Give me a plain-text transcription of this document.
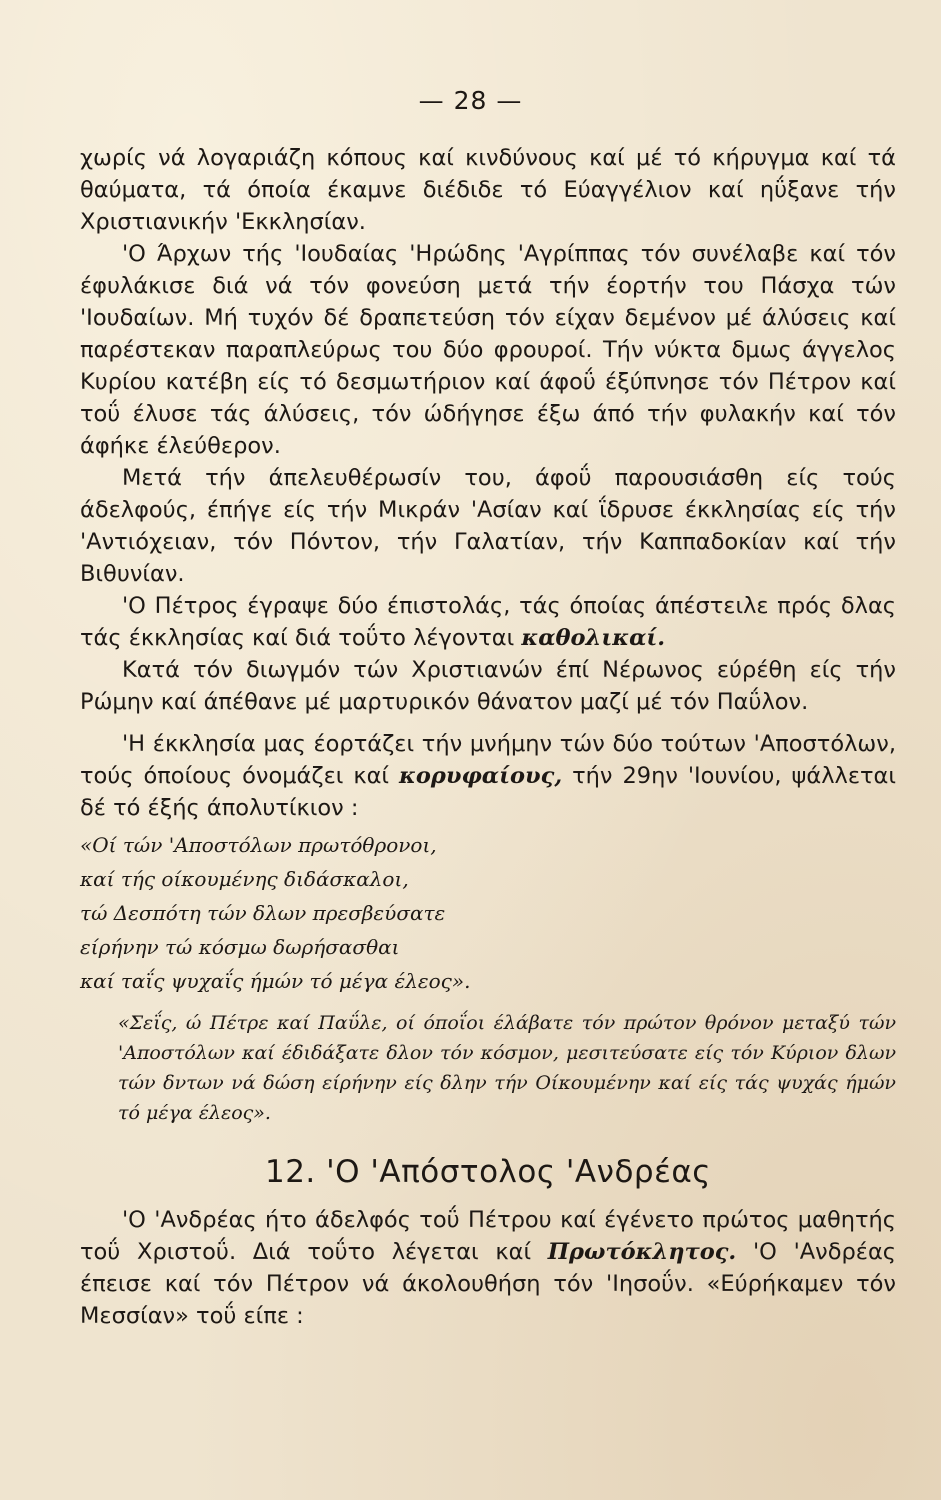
— 28 —

χωρίς νά λογαριάζη κόπους καί κινδύνους καί μέ τό κήρυγμα καί τά θαύματα, τά όποία έκαμνε διέδιδε τό Εύαγγέλιον καί ηΰξανε τήν Χριστιανικήν 'Εκκλησίαν.

'Ο Άρχων τής 'Ιουδαίας 'Ηρώδης 'Αγρίππας τόν συνέλαβε καί τόν έφυλάκισε διά νά τόν φονεύση μετά τήν έορτήν του Πάσχα τών 'Ιουδαίων. Μή τυχόν δέ δραπετεύση τόν είχαν δεμένον μέ άλύσεις καί παρέστεκαν παραπλεύρως του δύο φρουροί. Τήν νύκτα δμως άγγελος Κυρίου κατέβη είς τό δεσμωτήριον καί άφοΰ έξύπνησε τόν Πέτρον καί τοΰ έλυσε τάς άλύσεις, τόν ώδήγησε έξω άπό τήν φυλακήν καί τόν άφήκε έλεύθερον.

Μετά τήν άπελευθέρωσίν του, άφοΰ παρουσιάσθη είς τούς άδελφούς, έπήγε είς τήν Μικράν 'Ασίαν καί ΐδρυσε έκκλησίας είς τήν 'Αντιόχειαν, τόν Πόντον, τήν Γαλατίαν, τήν Καππαδοκίαν καί τήν Βιθυνίαν.

'Ο Πέτρος έγραψε δύο έπιστολάς, τάς όποίας άπέστειλε πρός δλας τάς έκκλησίας καί διά τοΰτο λέγονται καθολικαί.

Κατά τόν διωγμόν τών Χριστιανών έπί Νέρωνος εύρέθη είς τήν Ρώμην καί άπέθανε μέ μαρτυρικόν θάνατον μαζί μέ τόν Παΰλον.

'Η έκκλησία μας έορτάζει τήν μνήμην τών δύο τούτων 'Αποστόλων, τούς όποίους όνομάζει καί κορυφαίους, τήν 29ην 'Ιουνίου, ψάλλεται δέ τό έξής άπολυτίκιον :

«Οί τών 'Αποστόλων πρωτόθρονοι,

καί τής οίκουμένης διδάσκαλοι,

τώ Δεσπότη τών δλων πρεσβεύσατε

είρήνην τώ κόσμω δωρήσασθαι

καί ταΐς ψυχαΐς ήμών τό μέγα έλεος».

«Σεΐς, ώ Πέτρε καί Παΰλε, οί όποΐοι έλάβατε τόν πρώτον θρόνον μεταξύ τών 'Αποστόλων καί έδιδάξατε δλον τόν κόσμον, μεσιτεύσατε είς τόν Κύριον δλων τών δντων νά δώση είρήνην είς δλην τήν Οίκουμένην καί είς τάς ψυχάς ήμών τό μέγα έλεος».

12. 'Ο 'Απόστολος 'Ανδρέας

'Ο 'Ανδρέας ήτο άδελφός τοΰ Πέτρου καί έγένετο πρώτος μαθητής τοΰ Χριστοΰ. Διά τοΰτο λέγεται καί Πρωτόκλητος. 'Ο 'Ανδρέας έπεισε καί τόν Πέτρον νά άκολουθήση τόν 'Ιησοΰν. «Εύρήκαμεν τόν Μεσσίαν» τοΰ είπε :
